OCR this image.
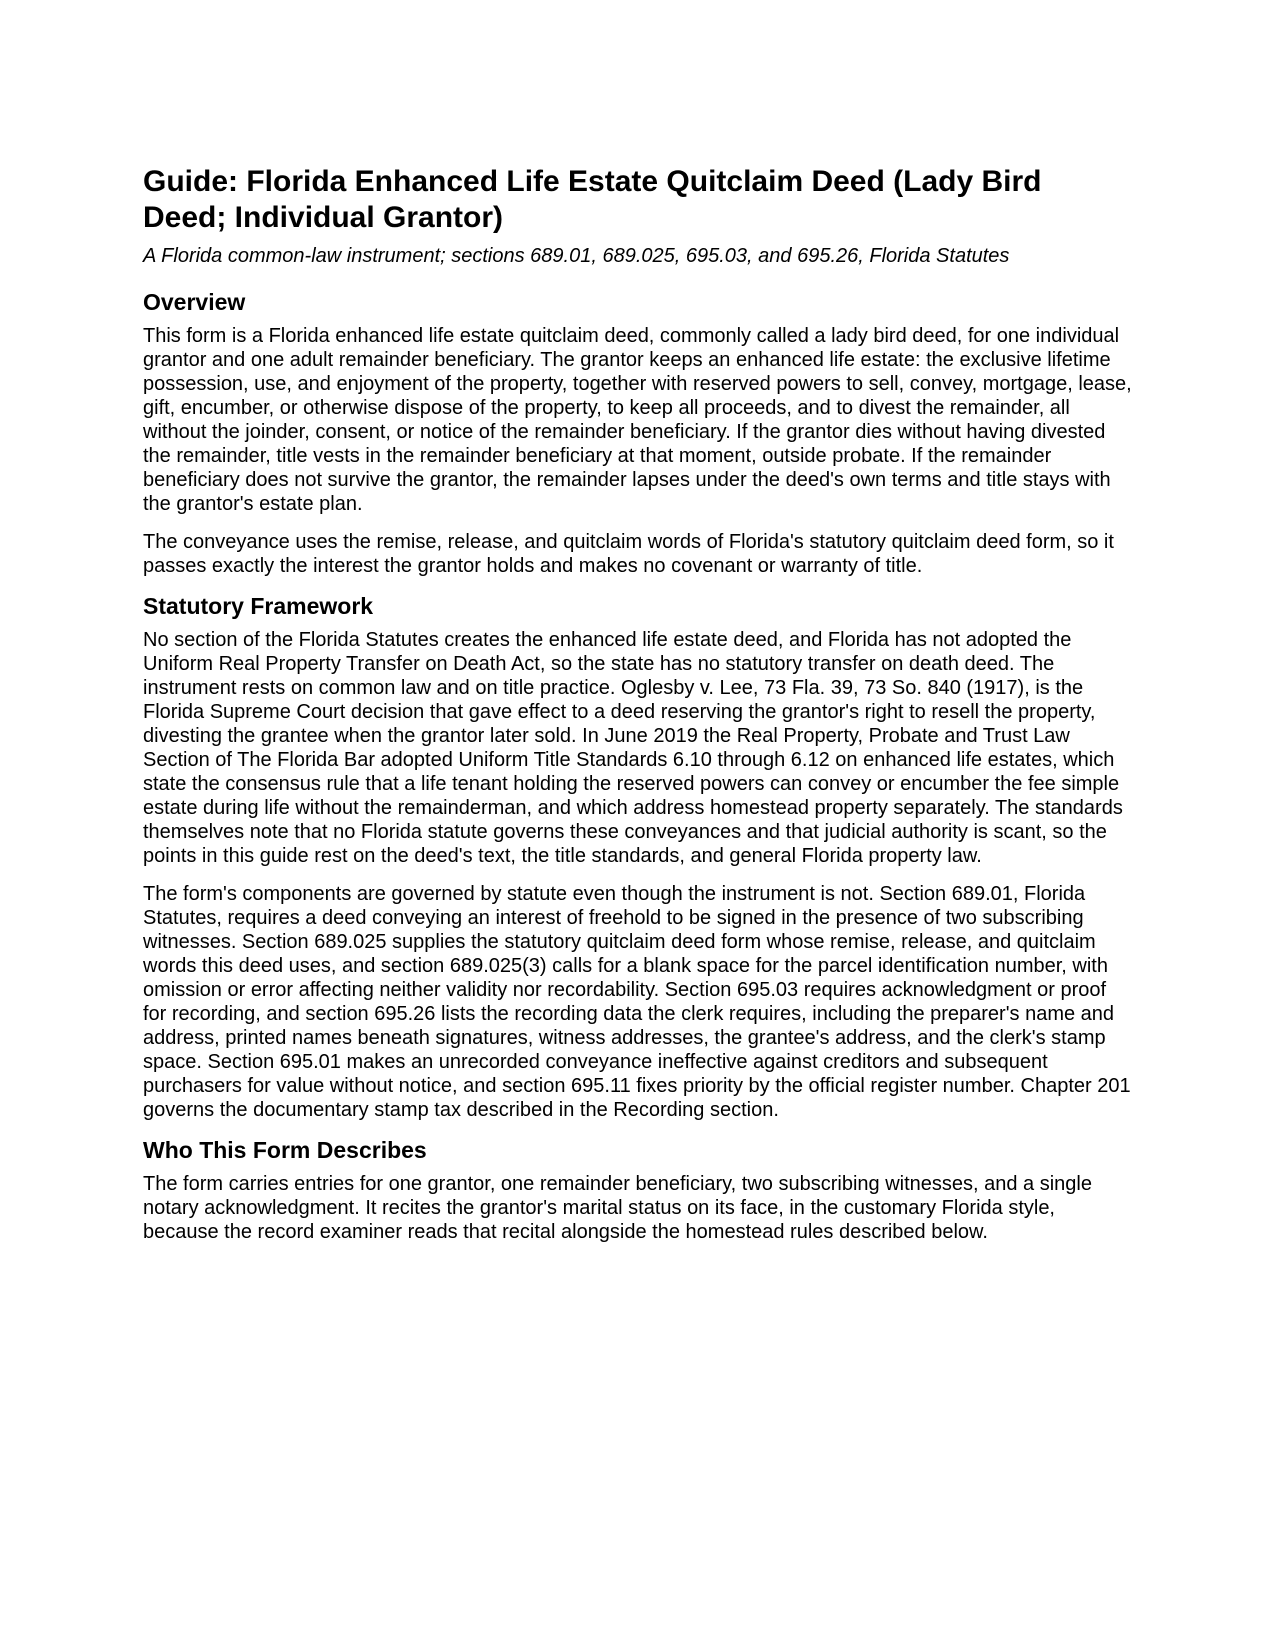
Guide: Florida Enhanced Life Estate Quitclaim Deed (Lady Bird Deed; Individual Grantor)

A Florida common-law instrument; sections 689.01, 689.025, 695.03, and 695.26, Florida Statutes

Overview

This form is a Florida enhanced life estate quitclaim deed, commonly called a lady bird deed, for one individual grantor and one adult remainder beneficiary. The grantor keeps an enhanced life estate: the exclusive lifetime possession, use, and enjoyment of the property, together with reserved powers to sell, convey, mortgage, lease, gift, encumber, or otherwise dispose of the property, to keep all proceeds, and to divest the remainder, all without the joinder, consent, or notice of the remainder beneficiary. If the grantor dies without having divested the remainder, title vests in the remainder beneficiary at that moment, outside probate. If the remainder beneficiary does not survive the grantor, the remainder lapses under the deed's own terms and title stays with the grantor's estate plan.

The conveyance uses the remise, release, and quitclaim words of Florida's statutory quitclaim deed form, so it passes exactly the interest the grantor holds and makes no covenant or warranty of title.

Statutory Framework

No section of the Florida Statutes creates the enhanced life estate deed, and Florida has not adopted the Uniform Real Property Transfer on Death Act, so the state has no statutory transfer on death deed. The instrument rests on common law and on title practice. Oglesby v. Lee, 73 Fla. 39, 73 So. 840 (1917), is the Florida Supreme Court decision that gave effect to a deed reserving the grantor's right to resell the property, divesting the grantee when the grantor later sold. In June 2019 the Real Property, Probate and Trust Law Section of The Florida Bar adopted Uniform Title Standards 6.10 through 6.12 on enhanced life estates, which state the consensus rule that a life tenant holding the reserved powers can convey or encumber the fee simple estate during life without the remainderman, and which address homestead property separately. The standards themselves note that no Florida statute governs these conveyances and that judicial authority is scant, so the points in this guide rest on the deed's text, the title standards, and general Florida property law.

The form's components are governed by statute even though the instrument is not. Section 689.01, Florida Statutes, requires a deed conveying an interest of freehold to be signed in the presence of two subscribing witnesses. Section 689.025 supplies the statutory quitclaim deed form whose remise, release, and quitclaim words this deed uses, and section 689.025(3) calls for a blank space for the parcel identification number, with omission or error affecting neither validity nor recordability. Section 695.03 requires acknowledgment or proof for recording, and section 695.26 lists the recording data the clerk requires, including the preparer's name and address, printed names beneath signatures, witness addresses, the grantee's address, and the clerk's stamp space. Section 695.01 makes an unrecorded conveyance ineffective against creditors and subsequent purchasers for value without notice, and section 695.11 fixes priority by the official register number. Chapter 201 governs the documentary stamp tax described in the Recording section.

Who This Form Describes

The form carries entries for one grantor, one remainder beneficiary, two subscribing witnesses, and a single notary acknowledgment. It recites the grantor's marital status on its face, in the customary Florida style, because the record examiner reads that recital alongside the homestead rules described below.
